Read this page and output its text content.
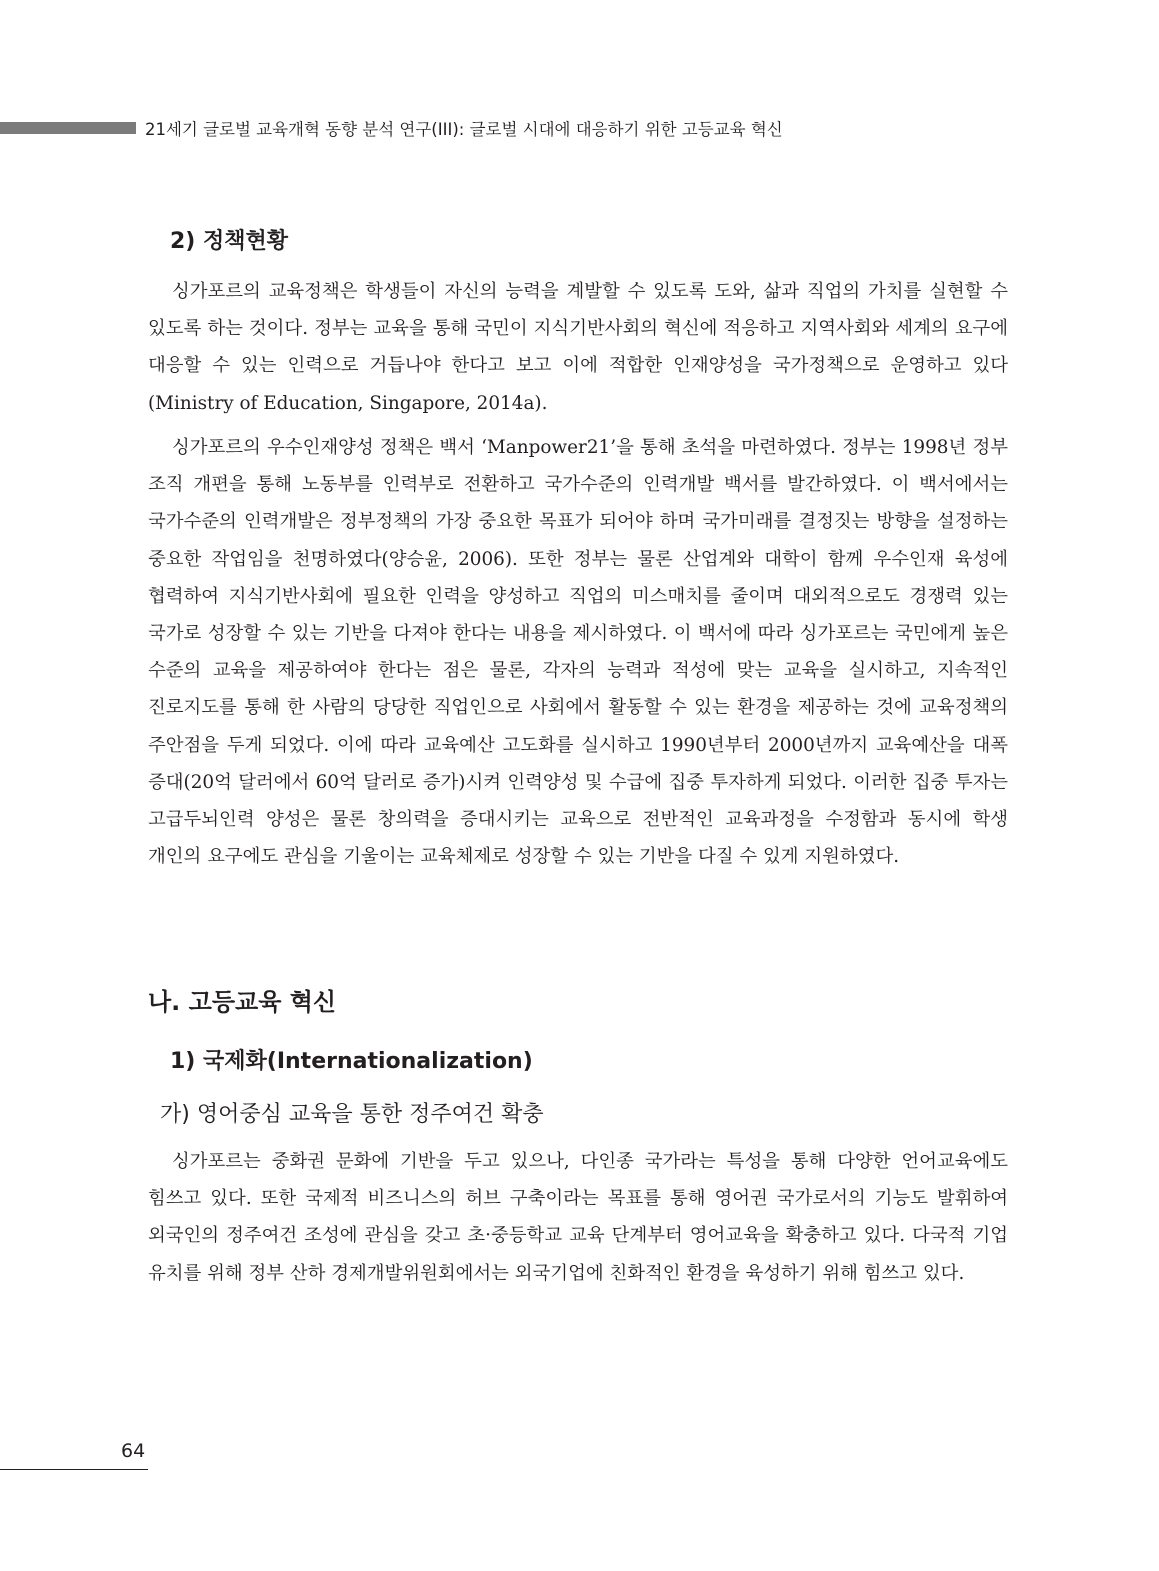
21세기 글로벌 교육개혁 동향 분석 연구(III): 글로벌 시대에 대응하기 위한 고등교육 혁신
2) 정책현황

싱가포르의 교육정책은 학생들이 자신의 능력을 계발할 수 있도록 도와, 삶과 직업의 가치를 실현할 수 있도록 하는 것이다. 정부는 교육을 통해 국민이 지식기반사회의 혁신에 적응하고 지역사회와 세계의 요구에 대응할 수 있는 인력으로 거듭나야 한다고 보고 이에 적합한 인재양성을 국가정책으로 운영하고 있다(Ministry of Education, Singapore, 2014a).

싱가포르의 우수인재양성 정책은 백서 ‘Manpower21’을 통해 초석을 마련하였다. 정부는 1998년 정부 조직 개편을 통해 노동부를 인력부로 전환하고 국가수준의 인력개발 백서를 발간하였다. 이 백서에서는 국가수준의 인력개발은 정부정책의 가장 중요한 목표가 되어야 하며 국가미래를 결정짓는 방향을 설정하는 중요한 작업임을 천명하였다(양승윤, 2006). 또한 정부는 물론 산업계와 대학이 함께 우수인재 육성에 협력하여 지식기반사회에 필요한 인력을 양성하고 직업의 미스매치를 줄이며 대외적으로도 경쟁력 있는 국가로 성장할 수 있는 기반을 다져야 한다는 내용을 제시하였다. 이 백서에 따라 싱가포르는 국민에게 높은 수준의 교육을 제공하여야 한다는 점은 물론, 각자의 능력과 적성에 맞는 교육을 실시하고, 지속적인 진로지도를 통해 한 사람의 당당한 직업인으로 사회에서 활동할 수 있는 환경을 제공하는 것에 교육정책의 주안점을 두게 되었다. 이에 따라 교육예산 고도화를 실시하고 1990년부터 2000년까지 교육예산을 대폭 증대(20억 달러에서 60억 달러로 증가)시켜 인력양성 및 수급에 집중 투자하게 되었다. 이러한 집중 투자는 고급두뇌인력 양성은 물론 창의력을 증대시키는 교육으로 전반적인 교육과정을 수정함과 동시에 학생 개인의 요구에도 관심을 기울이는 교육체제로 성장할 수 있는 기반을 다질 수 있게 지원하였다.

나. 고등교육 혁신
1) 국제화(Internationalization)
가) 영어중심 교육을 통한 정주여건 확충

싱가포르는 중화권 문화에 기반을 두고 있으나, 다인종 국가라는 특성을 통해 다양한 언어교육에도 힘쓰고 있다. 또한 국제적 비즈니스의 허브 구축이라는 목표를 통해 영어권 국가로서의 기능도 발휘하여 외국인의 정주여건 조성에 관심을 갖고 초·중등학교 교육 단계부터 영어교육을 확충하고 있다. 다국적 기업 유치를 위해 정부 산하 경제개발위원회에서는 외국기업에 친화적인 환경을 육성하기 위해 힘쓰고 있다.

64
